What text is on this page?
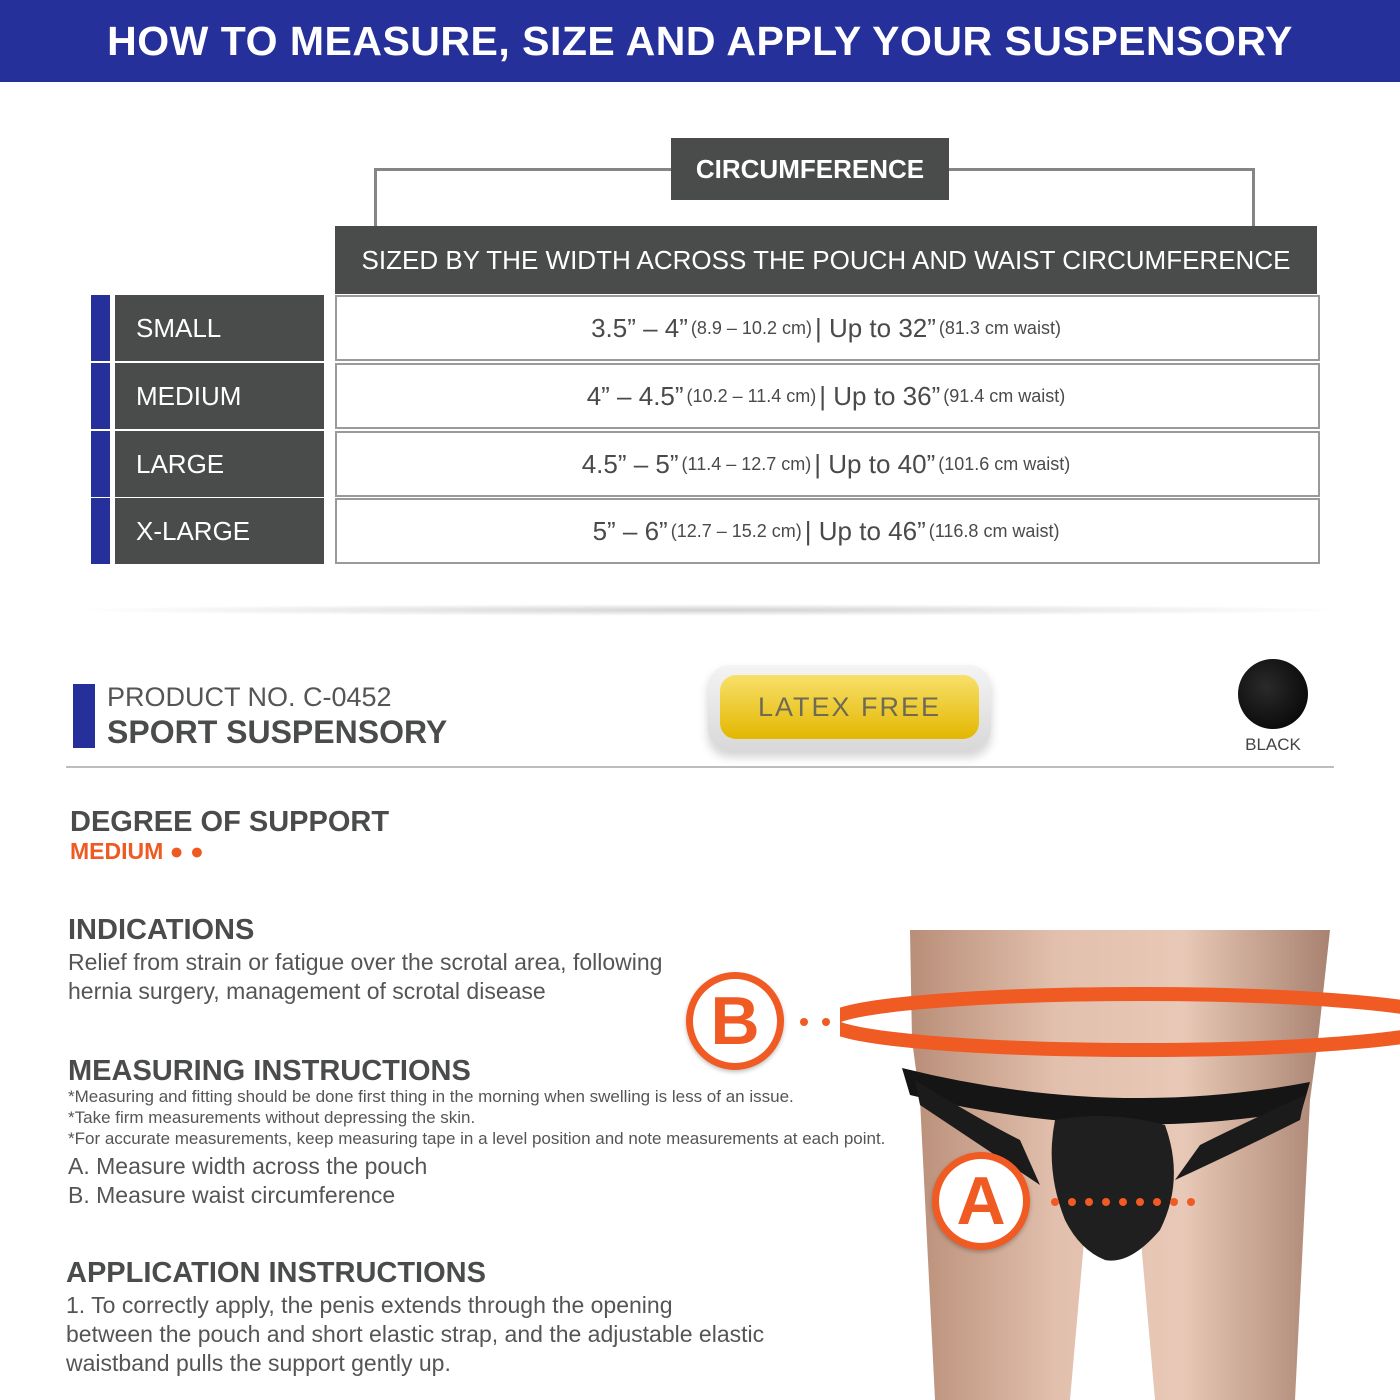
HOW TO MEASURE, SIZE AND APPLY YOUR SUSPENSORY
CIRCUMFERENCE
SIZED BY THE WIDTH ACROSS THE POUCH AND WAIST CIRCUMFERENCE
SMALL	3.5” – 4” (8.9 – 10.2 cm) |
Up to 32” (81.3 cm waist)
MEDIUM	4” – 4.5” (10.2 – 11.4 cm) |
Up to 36” (91.4 cm waist)
LARGE	4.5” – 5” (11.4 – 12.7 cm) |
Up to 40” (101.6 cm waist)
X-LARGE	5” – 6” (12.7 – 15.2 cm) |
Up to 46” (116.8 cm waist)
PRODUCT NO. C-0452
SPORT SUSPENSORY
LATEX FREE
BLACK
DEGREE OF SUPPORT
MEDIUM ● ●
INDICATIONS
Relief from strain or fatigue over the scrotal area, following
hernia surgery, management of scrotal disease
MEASURING INSTRUCTIONS
*Measuring and fitting should be done first thing in the morning when swelling is less of an issue.
*Take firm measurements without depressing the skin.
*For accurate measurements, keep measuring tape in a level position and note measurements at each point.
A. Measure width across the pouch
B. Measure waist circumference
APPLICATION INSTRUCTIONS
1. To correctly apply, the penis extends through the opening
between the pouch and short elastic strap, and the adjustable elastic
waistband pulls the support gently up.
B
A
